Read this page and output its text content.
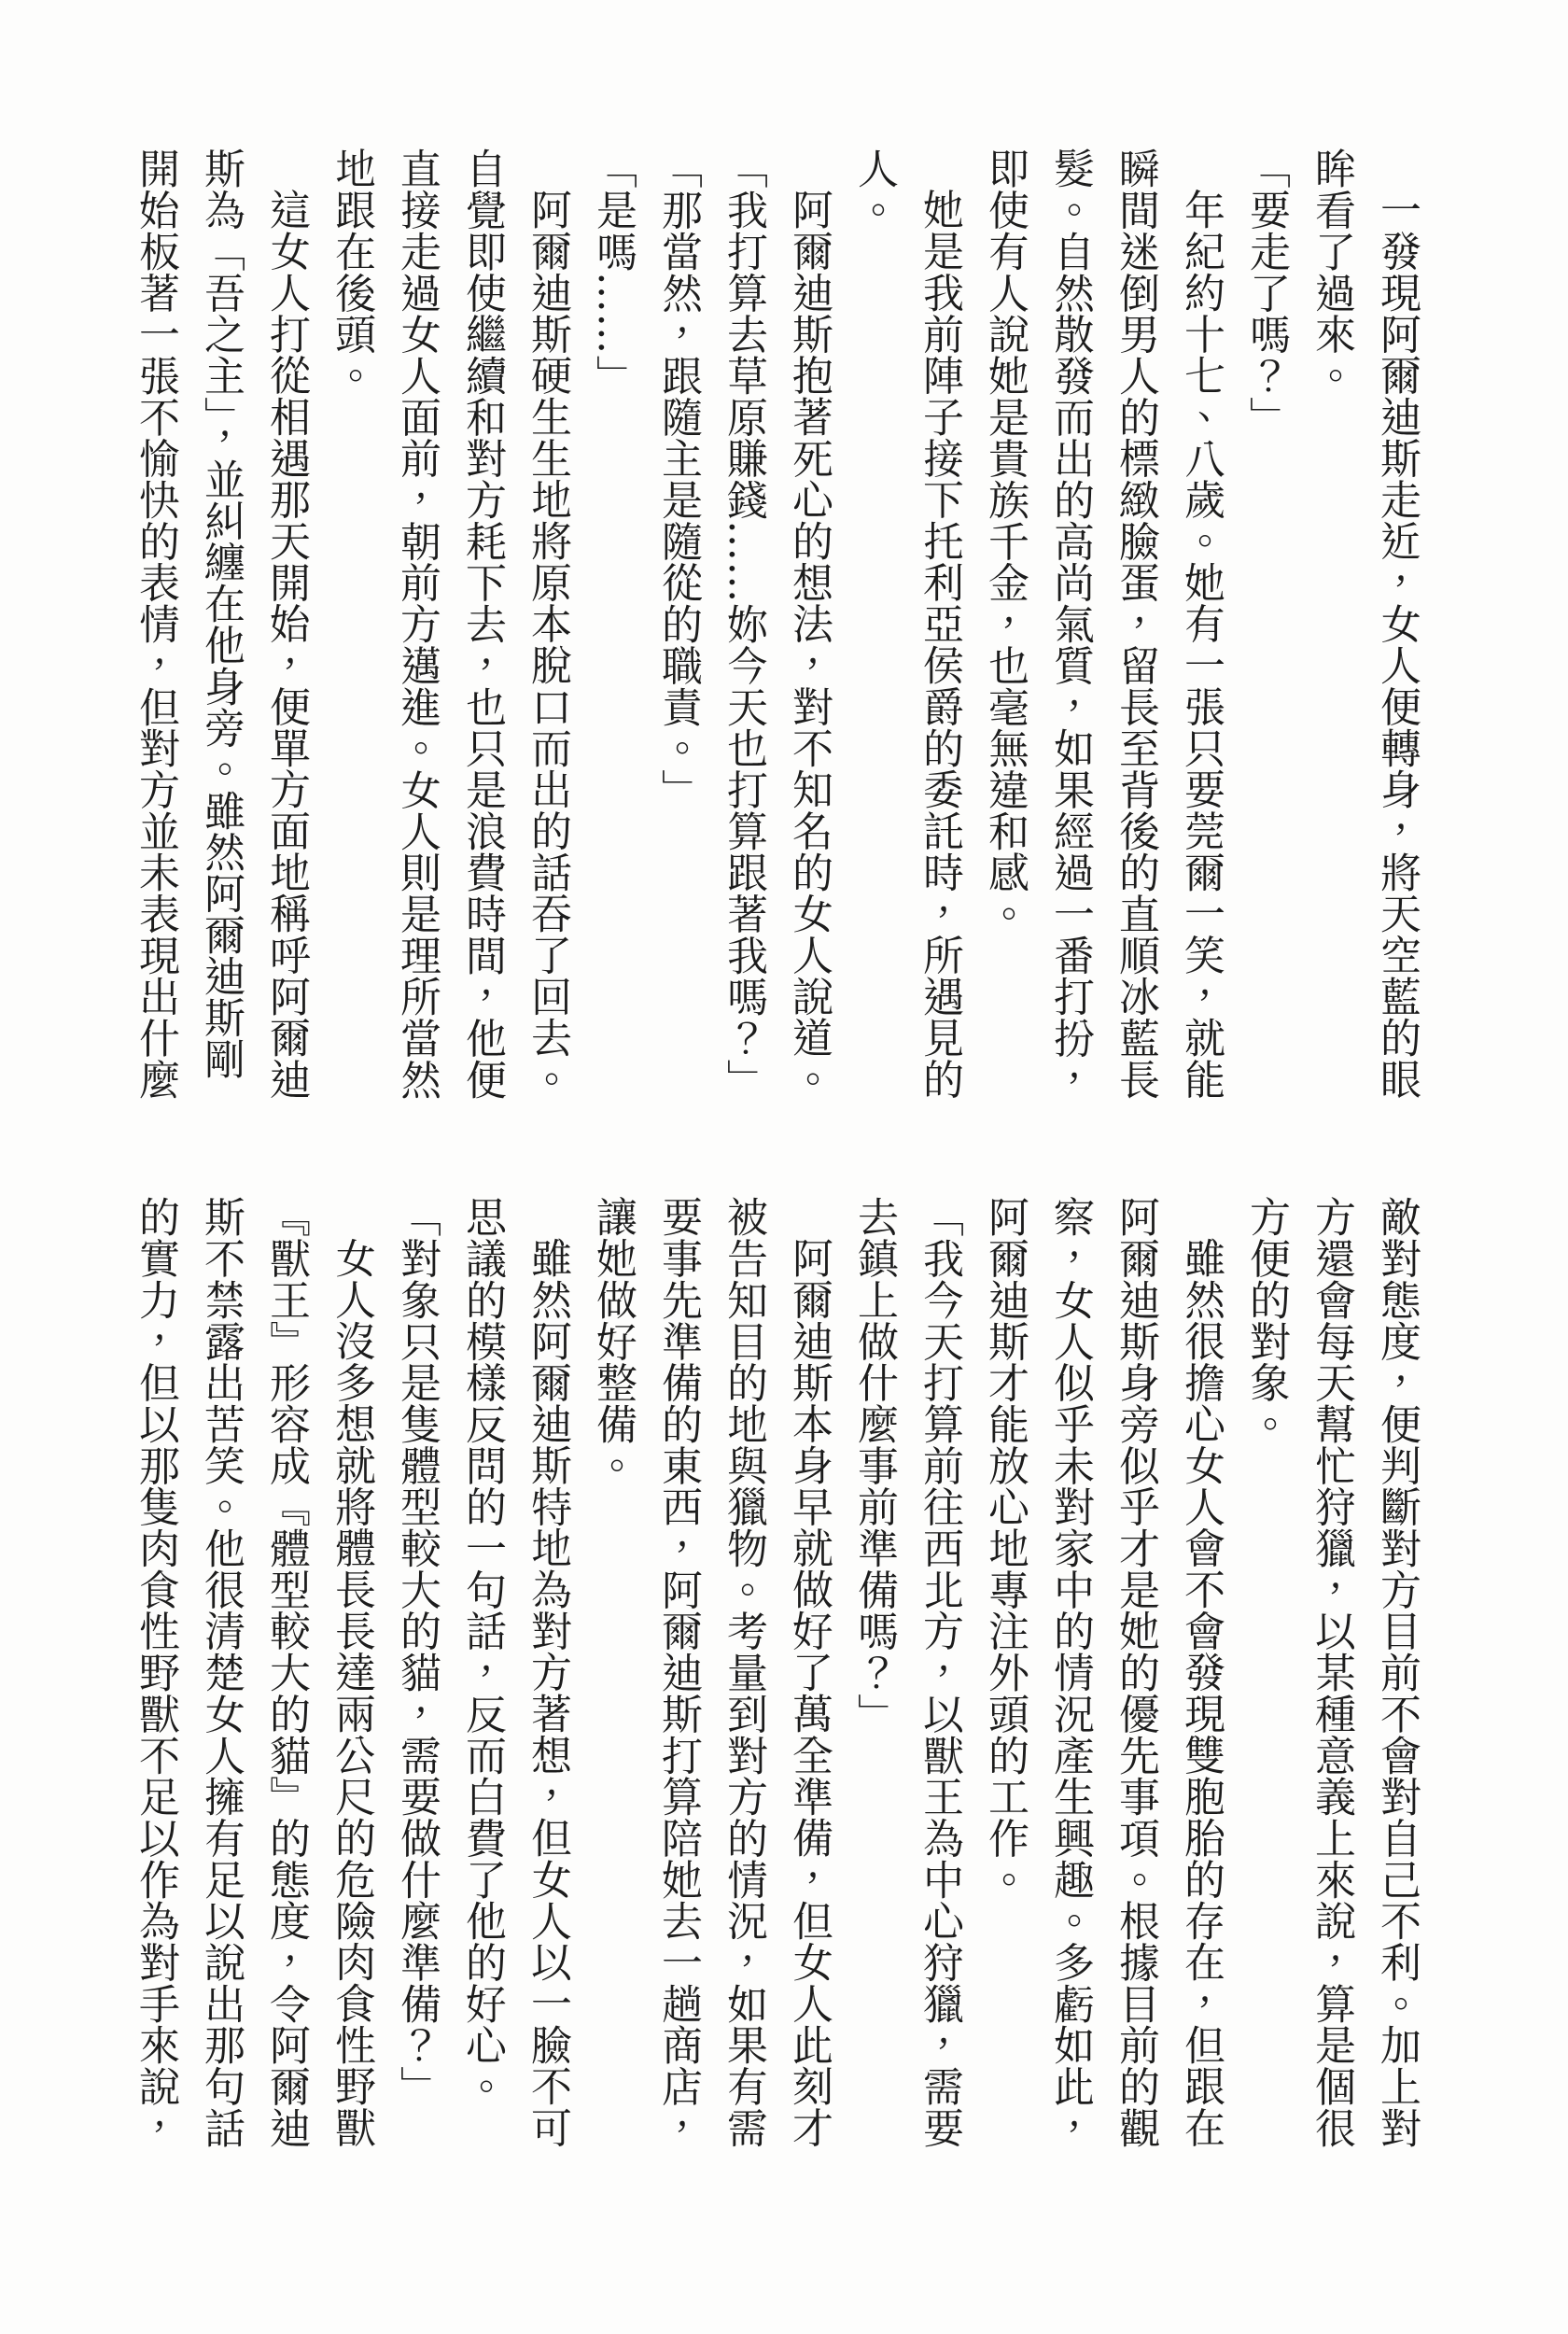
一發現阿爾迪斯走近，女人便轉身，將天空藍的眼
眸看了過來。
「要走了嗎？」
年紀約十七、八歲。她有一張只要莞爾一笑，就能
瞬間迷倒男人的標緻臉蛋，留長至背後的直順冰藍長
髮。自然散發而出的高尚氣質，如果經過一番打扮，
即使有人說她是貴族千金，也毫無違和感。
她是我前陣子接下托利亞侯爵的委託時，所遇見的
人。
阿爾迪斯抱著死心的想法，對不知名的女人說道。
「我打算去草原賺錢……妳今天也打算跟著我嗎？」
「那當然，跟隨主是隨從的職責。」
「是嗎……」
阿爾迪斯硬生生地將原本脫口而出的話吞了回去。
自覺即使繼續和對方耗下去，也只是浪費時間，他便
直接走過女人面前，朝前方邁進。女人則是理所當然
地跟在後頭。
這女人打從相遇那天開始，便單方面地稱呼阿爾迪
斯為「吾之主」，並糾纏在他身旁。雖然阿爾迪斯剛
開始板著一張不愉快的表情，但對方並未表現出什麼
敵對態度，便判斷對方目前不會對自己不利。加上對
方還會每天幫忙狩獵，以某種意義上來說，算是個很
方便的對象。
雖然很擔心女人會不會發現雙胞胎的存在，但跟在
阿爾迪斯身旁似乎才是她的優先事項。根據目前的觀
察，女人似乎未對家中的情況產生興趣。多虧如此，
阿爾迪斯才能放心地專注外頭的工作。
「我今天打算前往西北方，以獸王為中心狩獵，需要
去鎮上做什麼事前準備嗎？」
阿爾迪斯本身早就做好了萬全準備，但女人此刻才
被告知目的地與獵物。考量到對方的情況，如果有需
要事先準備的東西，阿爾迪斯打算陪她去一趟商店，
讓她做好整備。
雖然阿爾迪斯特地為對方著想，但女人以一臉不可
思議的模樣反問的一句話，反而白費了他的好心。
「對象只是隻體型較大的貓，需要做什麼準備？」
女人沒多想就將體長長達兩公尺的危險肉食性野獸
『獸王』形容成『體型較大的貓』的態度，令阿爾迪
斯不禁露出苦笑。他很清楚女人擁有足以說出那句話
的實力，但以那隻肉食性野獸不足以作為對手來說，
